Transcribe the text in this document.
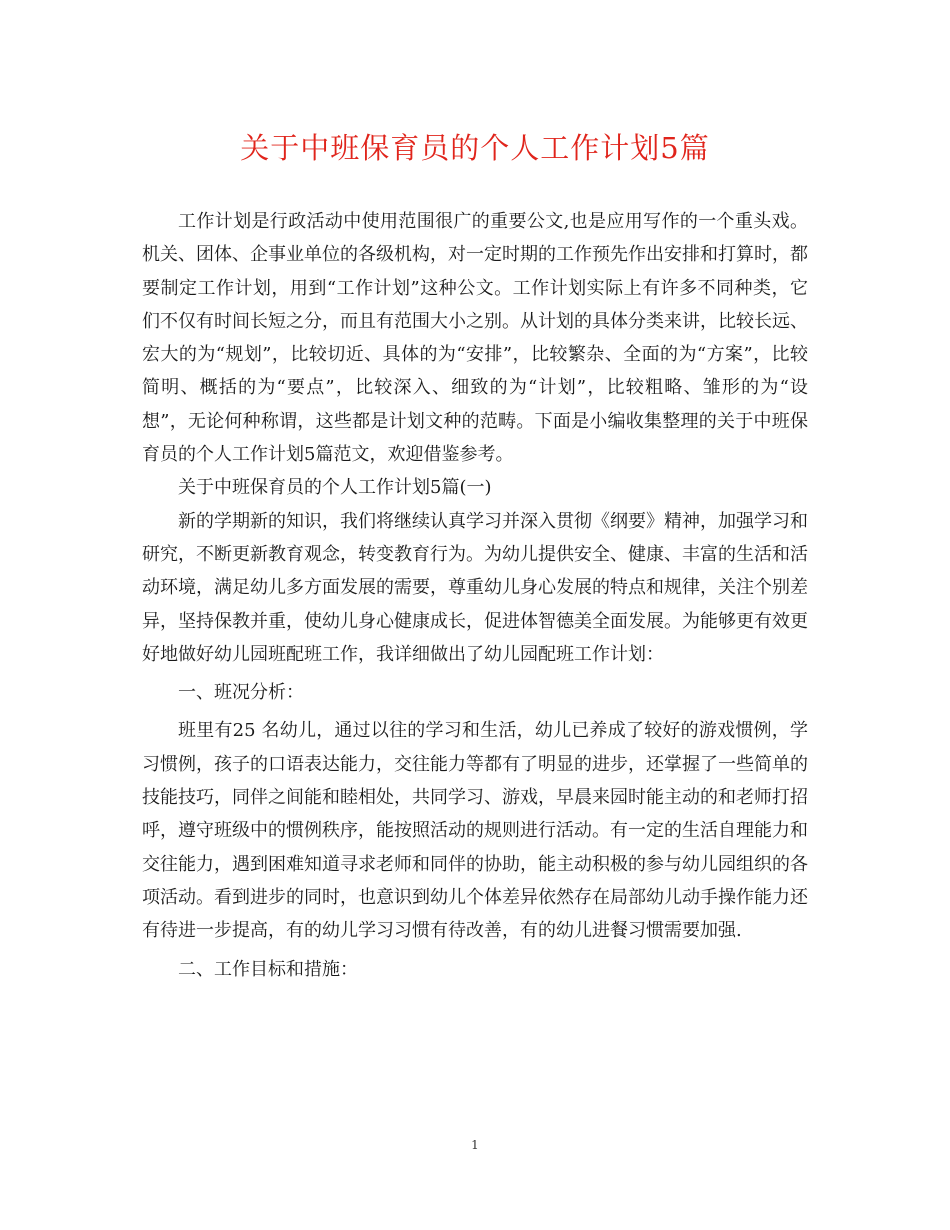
关于中班保育员的个人工作计划5篇

工作计划是行政活动中使用范围很广的重要公文,也是应用写作的一个重头戏。机关、团体、企事业单位的各级机构，对一定时期的工作预先作出安排和打算时，都要制定工作计划，用到“工作计划”这种公文。工作计划实际上有许多不同种类，它们不仅有时间长短之分，而且有范围大小之别。从计划的具体分类来讲，比较长远、宏大的为“规划”，比较切近、具体的为“安排”，比较繁杂、全面的为“方案”，比较简明、概括的为“要点”，比较深入、细致的为“计划”，比较粗略、雏形的为“设想”，无论何种称谓，这些都是计划文种的范畴。下面是小编收集整理的关于中班保育员的个人工作计划5篇范文，欢迎借鉴参考。

关于中班保育员的个人工作计划5篇(一)

新的学期新的知识，我们将继续认真学习并深入贯彻《纲要》精神，加强学习和研究，不断更新教育观念，转变教育行为。为幼儿提供安全、健康、丰富的生活和活动环境，满足幼儿多方面发展的需要，尊重幼儿身心发展的特点和规律，关注个别差异，坚持保教并重，使幼儿身心健康成长，促进体智德美全面发展。为能够更有效更好地做好幼儿园班配班工作，我详细做出了幼儿园配班工作计划：

一、班况分析：

班里有25 名幼儿，通过以往的学习和生活，幼儿已养成了较好的游戏惯例，学习惯例，孩子的口语表达能力，交往能力等都有了明显的进步，还掌握了一些简单的技能技巧，同伴之间能和睦相处，共同学习、游戏，早晨来园时能主动的和老师打招呼，遵守班级中的惯例秩序，能按照活动的规则进行活动。有一定的生活自理能力和交往能力，遇到困难知道寻求老师和同伴的协助，能主动积极的参与幼儿园组织的各项活动。看到进步的同时，也意识到幼儿个体差异依然存在局部幼儿动手操作能力还有待进一步提高，有的幼儿学习习惯有待改善，有的幼儿进餐习惯需要加强.

二、工作目标和措施：

1
